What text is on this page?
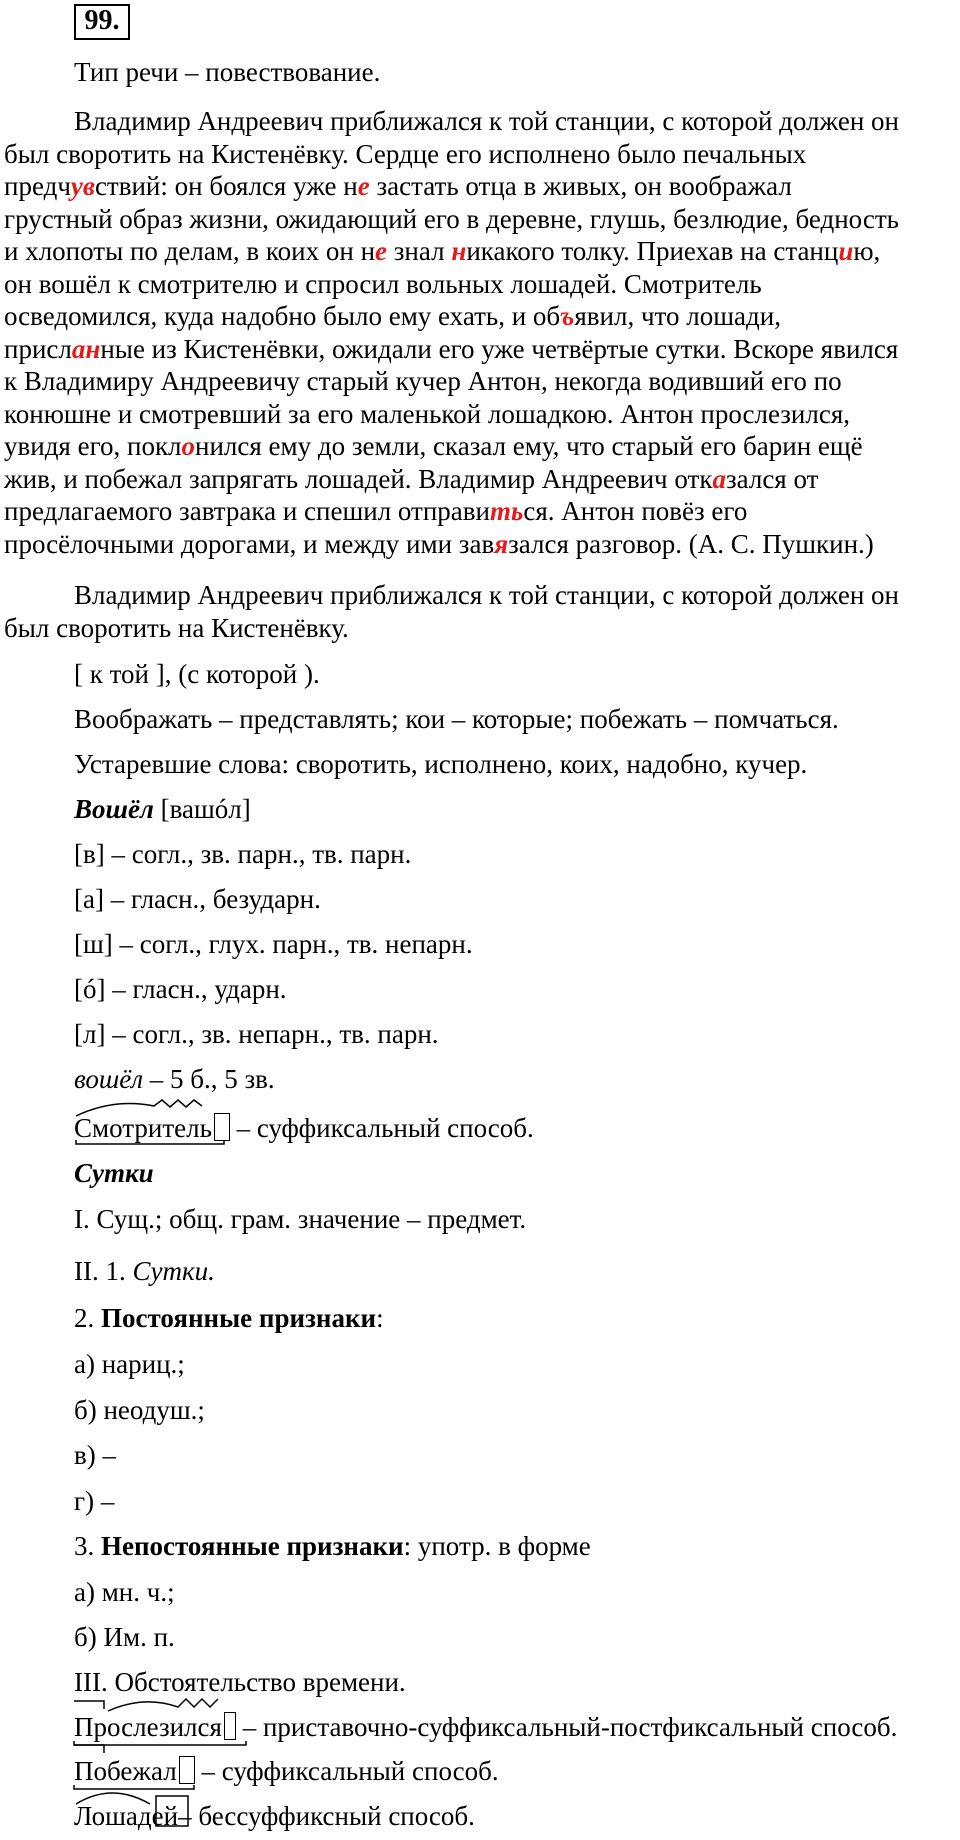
99.
Тип речи – повествование.
Владимир Андреевич приближался к той станции, с которой должен он
был своротить на Кистенёвку. Сердце его исполнено было печальных
предчувствий: он боялся уже не застать отца в живых, он воображал
грустный образ жизни, ожидающий его в деревне, глушь, безлюдие, бедность
и хлопоты по делам, в коих он не знал никакого толку. Приехав на станцию,
он вошёл к смотрителю и спросил вольных лошадей. Смотритель
осведомился, куда надобно было ему ехать, и объявил, что лошади,
присланные из Кистенёвки, ожидали его уже четвёртые сутки. Вскоре явился
к Владимиру Андреевичу старый кучер Антон, некогда водивший его по
конюшне и смотревший за его маленькой лошадкою. Антон прослезился,
увидя его, поклонился ему до земли, сказал ему, что старый его барин ещё
жив, и побежал запрягать лошадей. Владимир Андреевич отказался от
предлагаемого завтрака и спешил отправиться. Антон повёз его
просёлочными дорогами, и между ими завязался разговор. (А. С. Пушкин.)
Владимир Андреевич приближался к той станции, с которой должен он
был своротить на Кистенёвку.
[ к той ], (с которой ).
Воображать – представлять; кои – которые; побежать – помчаться.
Устаревшие слова: своротить, исполнено, коих, надобно, кучер.
Вошёл [вашóл]
[в] – согл., зв. парн., тв. парн.
[а] – гласн., безударн.
[ш] – согл., глух. парн., тв. непарн.
[ó] – гласн., ударн.
[л] – согл., зв. непарн., тв. парн.
вошёл – 5 б., 5 зв.
Смотритель – суффиксальный способ.
Сутки
I. Сущ.; общ. грам. значение – предмет.
II. 1. Сутки.
2. Постоянные признаки:
а) нариц.;
б) неодуш.;
в) –
г) –
3. Непостоянные признаки: употр. в форме
а) мн. ч.;
б) Им. п.
III. Обстоятельство времени.
Прослезился – приставочно-суффиксальный-постфиксальный способ.
Побежал – суффиксальный способ.
Лошадей– бессуффиксный способ.
